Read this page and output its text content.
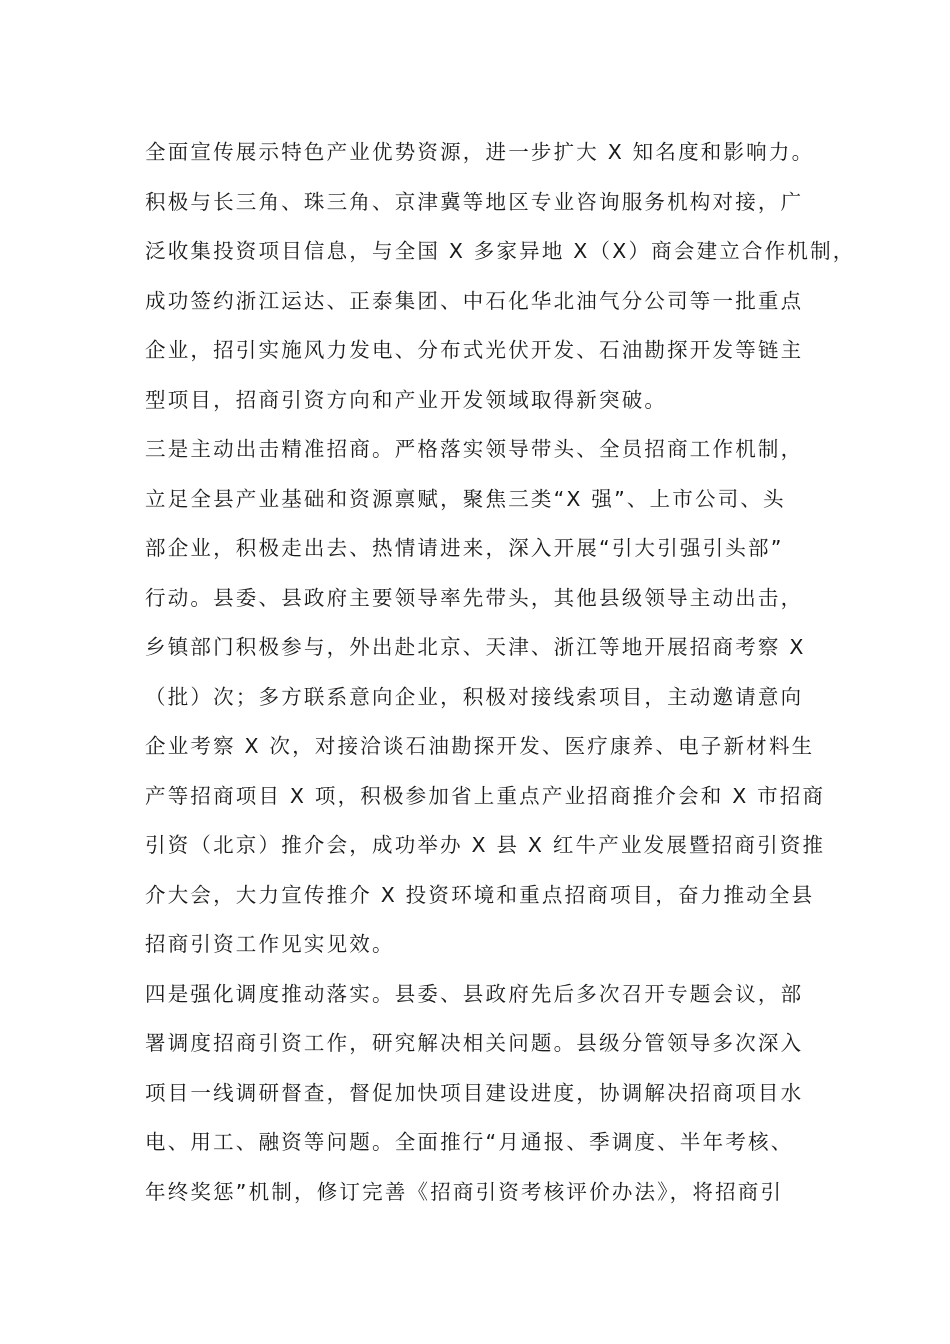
全面宣传展示特色产业优势资源，进一步扩大 X 知名度和影响力。
积极与长三角、珠三角、京津冀等地区专业咨询服务机构对接，广
泛收集投资项目信息，与全国 X 多家异地 X（X）商会建立合作机制，
成功签约浙江运达、正泰集团、中石化华北油气分公司等一批重点
企业，招引实施风力发电、分布式光伏开发、石油勘探开发等链主
型项目，招商引资方向和产业开发领域取得新突破。
三是主动出击精准招商。严格落实领导带头、全员招商工作机制，
立足全县产业基础和资源禀赋，聚焦三类“X 强”、上市公司、头
部企业，积极走出去、热情请进来，深入开展“引大引强引头部”
行动。县委、县政府主要领导率先带头，其他县级领导主动出击，
乡镇部门积极参与，外出赴北京、天津、浙江等地开展招商考察 X
（批）次；多方联系意向企业，积极对接线索项目，主动邀请意向
企业考察 X 次，对接洽谈石油勘探开发、医疗康养、电子新材料生
产等招商项目 X 项，积极参加省上重点产业招商推介会和 X 市招商
引资（北京）推介会，成功举办 X 县 X 红牛产业发展暨招商引资推
介大会，大力宣传推介 X 投资环境和重点招商项目，奋力推动全县
招商引资工作见实见效。
四是强化调度推动落实。县委、县政府先后多次召开专题会议，部
署调度招商引资工作，研究解决相关问题。县级分管领导多次深入
项目一线调研督查，督促加快项目建设进度，协调解决招商项目水
电、用工、融资等问题。全面推行“月通报、季调度、半年考核、
年终奖惩”机制，修订完善《招商引资考核评价办法》，将招商引
